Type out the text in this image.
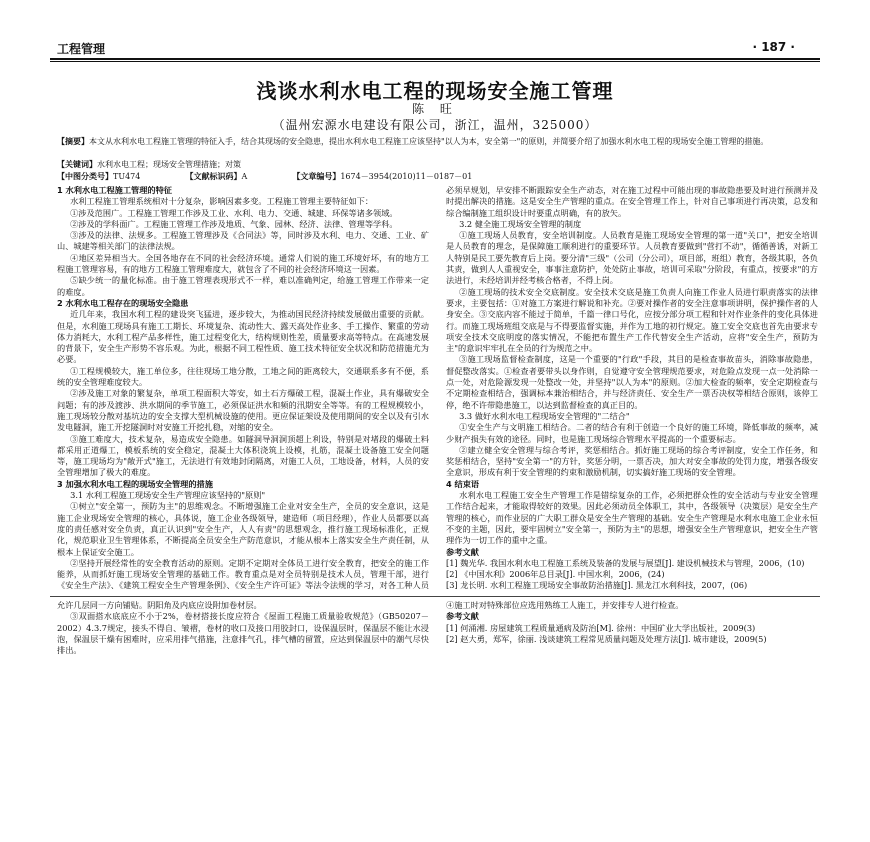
工程管理	· 187 ·
浅谈水利水电工程的现场安全施工管理
陈 旺
（温州宏源水电建设有限公司，浙江，温州，325000）
【摘要】本文从水利水电工程施工管理的特征入手，结合其现场的安全隐患，提出水利水电工程施工应该坚持"以人为本，安全第一"的原则，并简要介绍了加强水利水电工程的现场安全施工管理的措施。
【关键词】水利水电工程；现场安全管理措施；对策
【中图分类号】TU474	【文献标识码】A	【文章编号】1674－3954(2010)11－0187－01

1 水利水电工程施工管理的特征

水利工程施工管理系统相对十分复杂，影响因素多变。工程施工管理主要特征如下：

①涉及范围广。工程施工管理工作涉及工业、水利、电力、交通、城建、环保等诸多领域。

②涉及的学科面广。工程施工管理工作涉及地质、气象、园林、经济、法律、管理等学科。

③涉及的法律、法规多。工程施工管理涉及《合同法》等，同时涉及水利、电力、交通、工业、矿山、城建等相关部门的法律法规。

④地区差异相当大。全国各地存在不同的社会经济环境。通常人们说的施工环境好坏，有的地方工程施工管理容易，有的地方工程施工管理难度大，就包含了不同的社会经济环境这一因素。

⑤缺少统一的量化标准。由于施工管理表现形式不一样，难以准确判定，给施工管理工作带来一定的难度。

2 水利水电工程存在的现场安全隐患

近几年来，我国水利工程的建设突飞猛进，逐步较大，为推动国民经济持续发展做出重要的贡献。但是，水利施工现场具有施工工期长、环境复杂、流动性大、露天高处作业多、手工操作、繁重的劳动体力消耗大，水利工程产品多样性，施工过程变化大，结构规则性差，质量要求高等特点。在高速发展的背景下，安全生产形势不容乐观。为此，根据不同工程性质、施工技术特征安全状况和防范措施尤为必要。

①工程规模较大，施工单位多，往往现场工地分散，工地之间的距离较大，交通联系多有不便，系统的安全管理难度较大。

②涉及施工对象的繁复杂，单项工程面积大等安，如土石方爆破工程，混凝土作业，具有爆破安全问题；有的涉及渡涉、洪水期间的季节施工，必须保证洪水和频的汛期安全等等。有的工程规模较小，施工现场较分散对基坑边的安全支撑大型机械设施的使用。更应保证架设及使用期间的安全以及有引水发电隧洞，施工开挖隧洞时对安施工开挖扎稳，对缩的安全。

③施工难度大，技术复杂，易造成安全隐患。如隧洞导洞洞顶超上利设，特别是对堵段的爆破土料都采用正道爆工，模板系统的安全稳定，混凝土大体积浇筑上设模，扎筋，混凝土设备施工安全问题等，施工现场均为"敞开式"施工，无法进行有效地封闭隔离，对施工人员，工地设备，材料，人员的安全管理增加了极大的难度。

3 加强水利水电工程的现场安全管理的措施

3.1 水利工程施工现场安全生产管理应该坚持的"原则"

①树立"安全第一，预防为主"的思维观念。不断增强施工企业对安全生产，全员的安全意识，这是施工企业现场安全管理的核心，具体说，施工企业各级领导，建造师（项目经理），作业人员都要以高度的责任感对安全负责，真正认识到"安全生产，人人有责"的思想观念，推行施工现场标准化，正规化，规范职业卫生管理体系，不断提高全员安全生产防范意识，才能从根本上落实安全生产责任制，从根本上保证安全施工。

②坚持开展经常性的安全教育活动的原则。定期不定期对全体员工进行安全教育，把安全的施工作能养，从而抓好施工现场安全管理的基础工作。教育重点是对全员特别是技术人员，管理干部，进行《安全生产法》、《建筑工程安全生产管理条例》、《安全生产许可证》等法令法规的学习，对各工种人员

必须早规划，早安排不断跟踪安全生产动态，对在施工过程中可能出现的事故隐患要及时进行预测并及时提出解决的措施。这是安全生产管理的重点。在安全管理工作上，针对自己事项进行再决策，总发和综合编制施工组织设计时要重点明确，有的放矢。

3.2 健全施工现场安全管理的制度

①施工现场人员教育，安全培训制度。人员教育是施工现场安全管理的第一道"关口"，把安全培训是人员教育的理念，是保障施工顺利进行的重要环节。人员教育要做到"营打不动"，循循善诱，对新工人特别是民工要先教育后上岗。要分清"三级"（公司（分公司），项目部，班组）教育，各级其职，各负其责，做到人人重视安全，事事注意防护，处处防止事故，培训可采取"分阶段，有重点，按要求"的方法进行，未经培训并经考核合格者，不得上岗。

②施工现场的技术安全交底制度。安全技术交底是施工负责人向施工作业人员进行职责落实的法律要求，主要包括：①对施工方案进行解说和补充。②要对操作者的安全注意事项讲明，保护操作者的人身安全。③交底内容不能过于简单，千篇一律口号化，应按分部分项工程和针对作业条件的变化具体进行。而施工现场班组交底是与不得要监督实施，并作为工地的初行规定。施工安全交底也首先由要求专项安全技术交底明度的落实情况，不能把布置生产工作代替安全生产活动，应将"安全生产，预防为主"的意识牢牢扎在全员的行为规范之中。

③施工现场监督检查制度，这是一个重要的"行政"手段，其目的是检查事故苗头，消除事故隐患，督促整改落实。①检查者要带头以身作则，自觉遵守安全管理规范要求，对危险点发现一点一处消除一点一处，对危险源发现一处整改一处，并坚持"以人为本"的原则。②加大检查的频率，安全定期检查与不定期检查相结合，强调标本兼治相结合，并与经济责任、安全生产一票否决权等相结合原则，该停工停，绝不许带隐患施工，以达到监督检查的真正目的。

3.3 做好水利水电工程现场安全管理的"二结合"

①安全生产与文明施工相结合。二者的结合有利于创造一个良好的施工环境，降低事故的频率，减少财产损失有效的途径。同时，也是施工现场综合管理水平提高的一个重要标志。

②建立健全安全管理与综合考评，奖惩相结合。抓好施工现场的综合考评制度，安全工作任务，和奖惩相结合，坚持"安全第一"的方针，奖惩分明，一票否决，加大对安全事故的处罚力度，增强各级安全意识，形成有利于安全管理的约束和激励机制，切实搞好施工现场的安全管理。

4 结束语

水利水电工程施工安全生产管理工作是错综复杂的工作，必须把群众性的安全活动与专业安全管理工作结合起来，才能取得较好的效果。因此必须动员全体职工，其中，各级领导（决策层）是安全生产管理的核心，而作业层的广大职工群众是安全生产管理的基础。安全生产管理是水利水电施工企业永恒不变的主题，因此，要牢固树立"安全第一，预防为主"的思想，增强安全生产管理意识，把安全生产管理作为一切工作的重中之重。

参考文献

[1] 魏光华. 我国水利水电工程施工系统及装备的发展与展望[J]. 建设机械技术与管理，2006，(10)

[2] 《中国水利》2006年总目录[J]. 中国水利，2006，(24)

[3] 龙长明. 水利工程施工现场安全事故防治措施[J]. 黑龙江水利科技，2007，(06)

允许几层同一方向铺贴。阴阳角及内底应设附加卷材层。

③双面搭水底底应不小于2%，卷材搭接长度应符合《屋面工程施工质量验收规范》（GB50207－2002）4.3.7规定，接头不得自、皱褶，卷材的收口及接口用胶封口，设保温层时，保温层不能让水浸泡，保温层干燥有困难时，应采用排气措施，注意排气孔，排气槽的留置，应达到保温层中的潮气尽快排出。

④施工时对特殊部位应选用熟练工人施工，并安排专人进行检查。

参考文献

[1] 何涌湘. 房屋建筑工程质量通病及防治[M]. 徐州：中国矿业大学出版社，2009(3)

[2] 赵大勇，郑军，徐丽. 浅谈建筑工程常见质量问题及处理方法[J]. 城市建设，2009(5)
